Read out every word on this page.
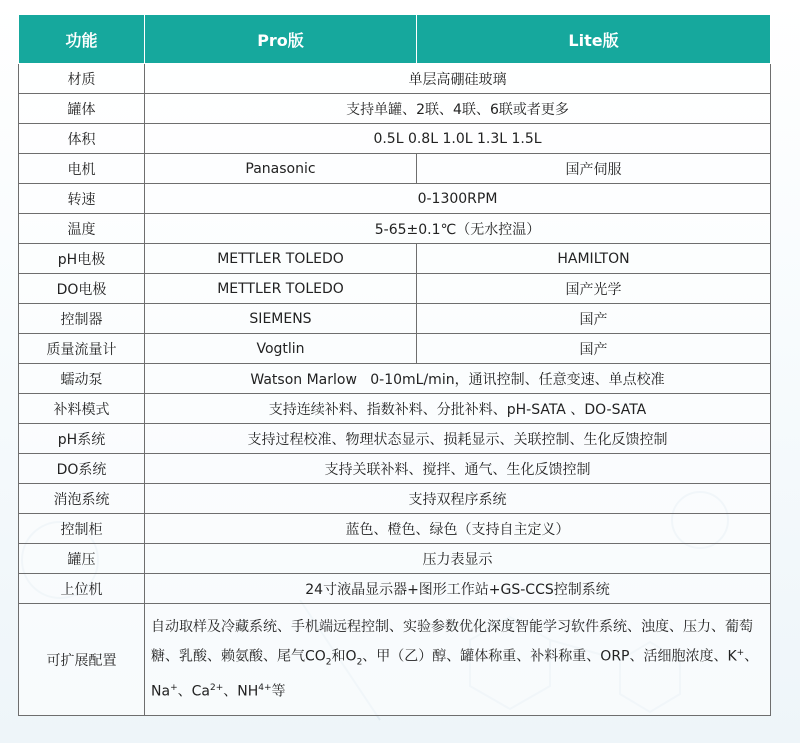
功能	Pro版	Lite版
材质	单层高硼硅玻璃	
罐体	支持单罐、2联、4联、6联或者更多	
体积	0.5L 0.8L 1.0L 1.3L 1.5L	
电机	Panasonic	国产伺服
转速	0-1300RPM	
温度	5-65±0.1℃（无水控温）	
pH电极	METTLER TOLEDO	HAMILTON
DO电极	METTLER TOLEDO	国产光学
控制器	SIEMENS	国产
质量流量计	Vogtlin	国产
蠕动泵	Watson Marlow   0-10mL/min，通讯控制、任意变速、单点校准	
补料模式	支持连续补料、指数补料、分批补料、pH-SATA 、DO-SATA	
pH系统	支持过程校准、物理状态显示、损耗显示、关联控制、生化反馈控制	
DO系统	支持关联补料、搅拌、通气、生化反馈控制	
消泡系统	支持双程序系统	
控制柜	蓝色、橙色、绿色（支持自主定义）	
罐压	压力表显示	
上位机	24寸液晶显示器+图形工作站+GS-CCS控制系统	
可扩展配置	自动取样及冷藏系统、手机端远程控制、实验参数优化深度智能学习软件系统、浊度、压力、葡萄糖、乳酸、赖氨酸、尾气$CO_2$和$O_2$、甲（乙）醇、罐体称重、补料称重、ORP、活细胞浓度、K+、Na+、$Ca^{2+}$、$NH^{4+}$等	
